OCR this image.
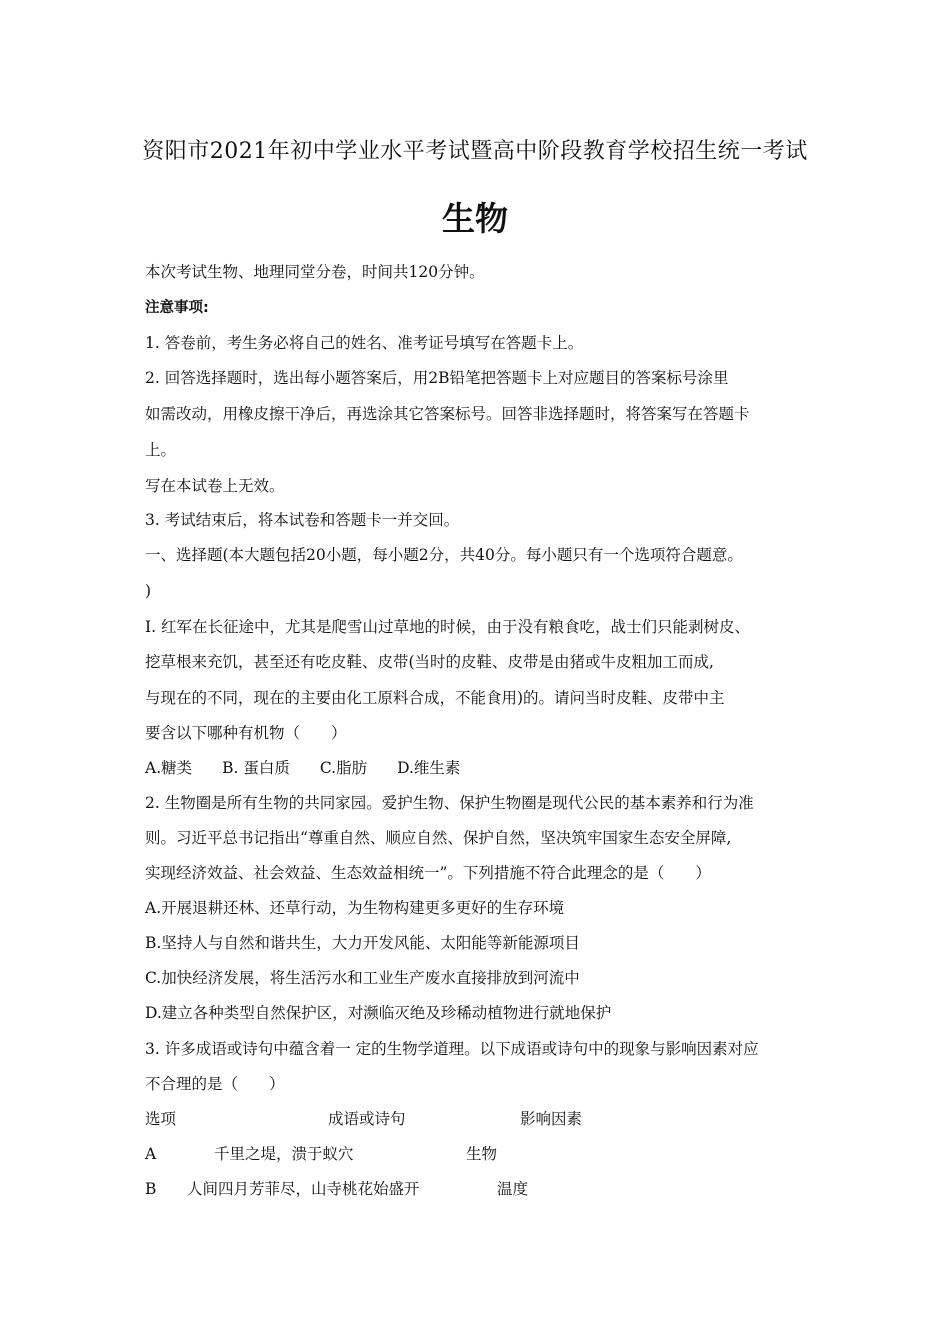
资阳市2021年初中学业水平考试暨高中阶段教育学校招生统一考试
生物
本次考试生物、地理同堂分卷，时间共120分钟。
注意事项:
1. 答卷前，考生务必将自己的姓名、准考证号填写在答题卡上。
2. 回答选择题时，选出每小题答案后，用2B铅笔把答题卡上对应题目的答案标号涂里
如需改动，用橡皮擦干净后，再选涂其它答案标号。回答非选择题时，将答案写在答题卡
上。
写在本试卷上无效。
3. 考试结束后，将本试卷和答题卡一并交回。
一、选择题(本大题包括20小题，每小题2分，共40分。每小题只有一个选项符合题意。
)
I. 红军在长征途中，尤其是爬雪山过草地的时候，由于没有粮食吃，战士们只能剥树皮、
挖草根来充饥，甚至还有吃皮鞋、皮带(当时的皮鞋、皮带是由猪或牛皮粗加工而成,
与现在的不同，现在的主要由化工原料合成，不能食用)的。请问当时皮鞋、皮带中主
要含以下哪种有机物（　　）
A.糖类 B. 蛋白质 C.脂肪 D.维生素
2. 生物圈是所有生物的共同家园。爱护生物、保护生物圈是现代公民的基本素养和行为准
则。习近平总书记指出“尊重自然、顺应自然、保护自然，坚决筑牢国家生态安全屏障,
实现经济效益、社会效益、生态效益相统一”。下列措施不符合此理念的是（　　）
A.开展退耕还林、还草行动，为生物构建更多更好的生存环境
B.坚持人与自然和谐共生，大力开发风能、太阳能等新能源项目
C.加快经济发展，将生活污水和工业生产废水直接排放到河流中
D.建立各种类型自然保护区，对濒临灭绝及珍稀动植物进行就地保护
3. 许多成语或诗句中蕴含着一 定的生物学道理。以下成语或诗句中的现象与影响因素对应
不合理的是（　　）
选项	成语或诗句	影响因素
A	千里之堤，溃于蚁穴	生物
B 人间四月芳菲尽，山寺桃花始盛开	温度
